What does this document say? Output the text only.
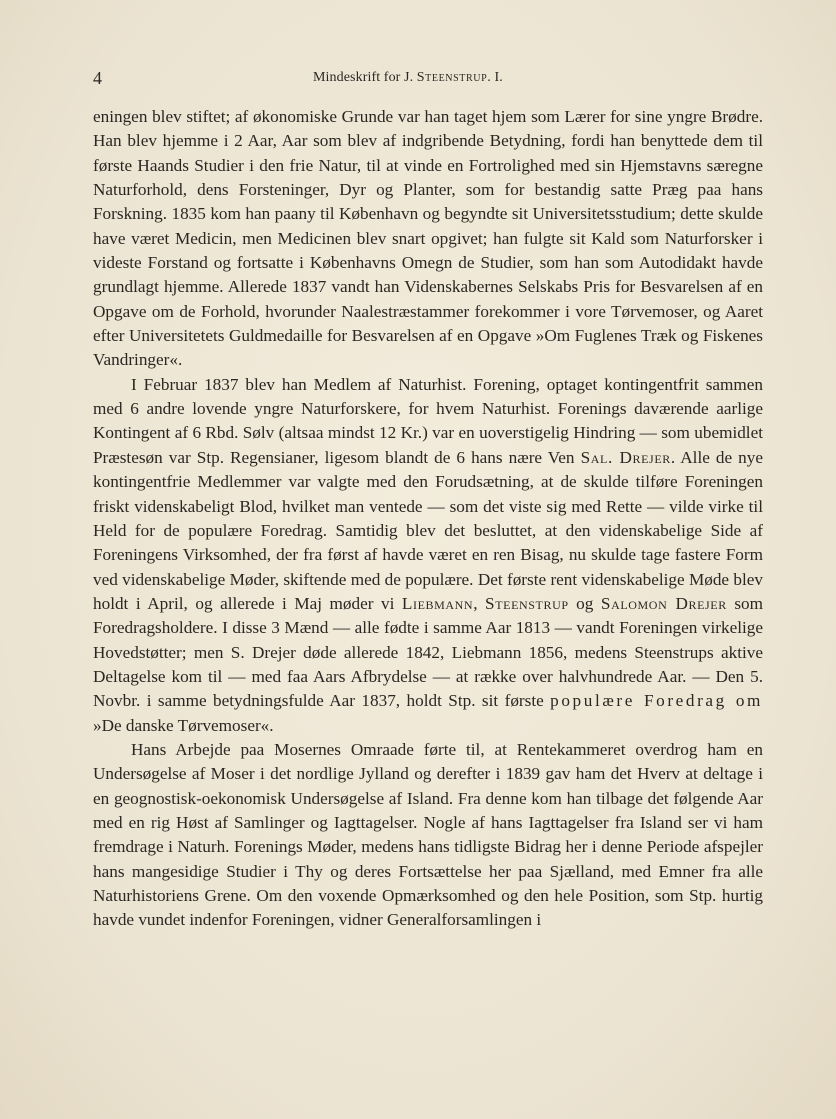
4	Mindeskrift for J. Steenstrup. I.

eningen blev stiftet; af økonomiske Grunde var han taget hjem som Lærer for sine yngre Brødre. Han blev hjemme i 2 Aar, Aar som blev af indgribende Betydning, fordi han benyttede dem til første Haands Studier i den frie Natur, til at vinde en Fortrolighed med sin Hjemstavns særegne Naturforhold, dens Forsteninger, Dyr og Planter, som for bestandig satte Præg paa hans Forskning. 1835 kom han paany til København og begyndte sit Universitetsstudium; dette skulde have været Medicin, men Medicinen blev snart opgivet; han fulgte sit Kald som Naturforsker i videste Forstand og fortsatte i Københavns Omegn de Studier, som han som Autodidakt havde grundlagt hjemme. Allerede 1837 vandt han Videnskabernes Selskabs Pris for Besvarelsen af en Opgave om de Forhold, hvorunder Naalestræstammer forekommer i vore Tørvemoser, og Aaret efter Universitetets Guldmedaille for Besvarelsen af en Opgave »Om Fuglenes Træk og Fiskenes Vandringer«.

I Februar 1837 blev han Medlem af Naturhist. Forening, optaget kontingentfrit sammen med 6 andre lovende yngre Naturforskere, for hvem Naturhist. Forenings daværende aarlige Kontingent af 6 Rbd. Sølv (altsaa mindst 12 Kr.) var en uoverstigelig Hindring — som ubemidlet Præstesøn var Stp. Regensianer, ligesom blandt de 6 hans nære Ven Sal. Drejer. Alle de nye kontingentfrie Medlemmer var valgte med den Forudsætning, at de skulde tilføre Foreningen friskt videnskabeligt Blod, hvilket man ventede — som det viste sig med Rette — vilde virke til Held for de populære Foredrag. Samtidig blev det besluttet, at den videnskabelige Side af Foreningens Virksomhed, der fra først af havde været en ren Bisag, nu skulde tage fastere Form ved videnskabelige Møder, skiftende med de populære. Det første rent videnskabelige Møde blev holdt i April, og allerede i Maj møder vi Liebmann, Steenstrup og Salomon Drejer som Foredragsholdere. I disse 3 Mænd — alle fødte i samme Aar 1813 — vandt Foreningen virkelige Hovedstøtter; men S. Drejer døde allerede 1842, Liebmann 1856, medens Steenstrups aktive Deltagelse kom til — med faa Aars Afbrydelse — at række over halvhundrede Aar. — Den 5. Novbr. i samme betydningsfulde Aar 1837, holdt Stp. sit første populære Foredrag om »De danske Tørvemoser«.

Hans Arbejde paa Mosernes Omraade førte til, at Rentekammeret overdrog ham en Undersøgelse af Moser i det nordlige Jylland og derefter i 1839 gav ham det Hverv at deltage i en geognostisk-oekonomisk Undersøgelse af Island. Fra denne kom han tilbage det følgende Aar med en rig Høst af Samlinger og Iagttagelser. Nogle af hans Iagttagelser fra Island ser vi ham fremdrage i Naturh. Forenings Møder, medens hans tidligste Bidrag her i denne Periode afspejler hans mangesidige Studier i Thy og deres Fortsættelse her paa Sjælland, med Emner fra alle Naturhistoriens Grene. Om den voxende Opmærksomhed og den hele Position, som Stp. hurtig havde vundet indenfor Foreningen, vidner Generalforsamlingen i
